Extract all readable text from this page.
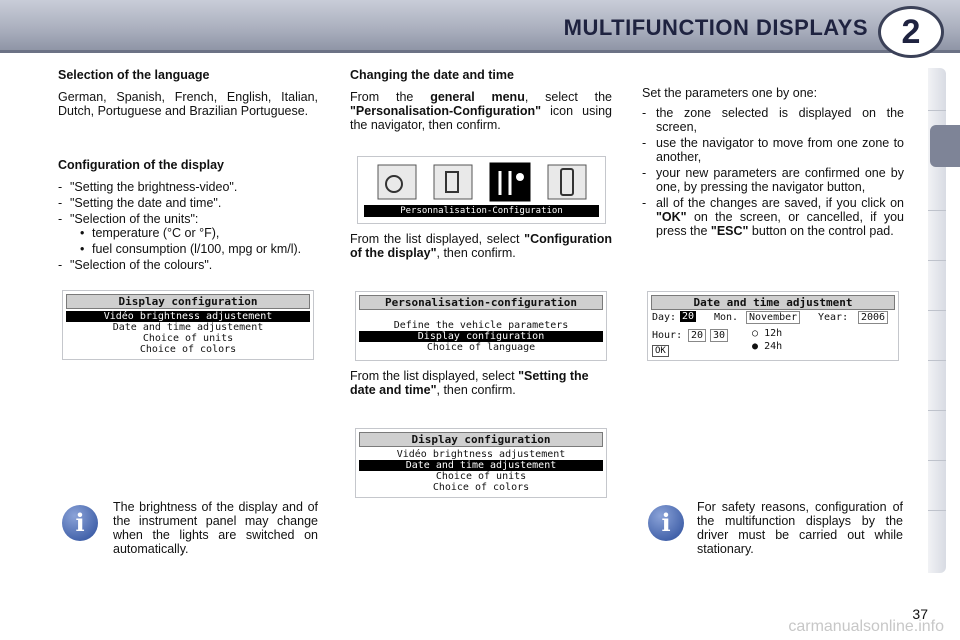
MULTIFUNCTION DISPLAYS 2
Selection of the language

German, Spanish, French, English, Italian, Dutch, Portuguese and Brazilian Portuguese.

Configuration of the display
- "Setting the brightness-video".
- "Setting the date and time".
- "Selection of the units":
• temperature (°C or °F),
• fuel consumption (l/100, mpg or km/l).
- "Selection of the colours".
Display configuration
Vidéo brightness adjustement
Date and time adjustement
Choice of units
Choice of colors
i
The brightness of the display and of the instrument panel may change when the lights are switched on automatically.
Changing the date and time

From the general menu, select the "Personalisation-Configuration" icon using the navigator, then confirm.

Personnalisation-Configuration
From the list displayed, select "Configuration of the display", then confirm.
Personalisation-configuration
Define the vehicle parameters
Display configuration
Choice of language
From the list displayed, select "Setting the date and time", then confirm.
Display configuration
Vidéo brightness adjustement
Date and time adjustement
Choice of units
Choice of colors

Set the parameters one by one:

- the zone selected is displayed on the screen,
- use the navigator to move from one zone to another,
- your new parameters are confirmed one by one, by pressing the navigator button,
- all of the changes are saved, if you click on "OK" on the screen, or cancelled, if you press the "ESC" button on the control pad.
Date and time adjustment
Day: 20 Mon.	November	Year:	2006
Hour: 20 30	○ 12h
● 24h
OK
i
For safety reasons, configuration of the multifunction displays by the driver must be carried out while stationary.
37
carmanualsonline.info
